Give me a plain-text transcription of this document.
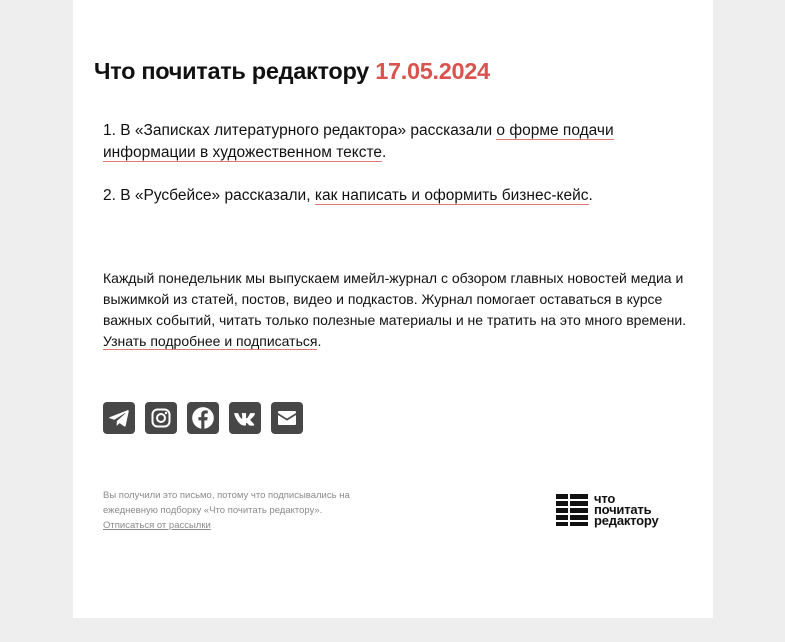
Что почитать редактору 17.05.2024

1. В «Записках литературного редактора» рассказали о форме подачи информации в художественном тексте.

2. В «Русбейсе» рассказали, как написать и оформить бизнес-кейс.

Каждый понедельник мы выпускаем имейл-журнал с обзором главных новостей медиа и выжимкой из статей, постов, видео и подкастов. Журнал помогает оставаться в курсе важных событий, читать только полезные материалы и не тратить на это много времени. Узнать подробнее и подписаться.

Вы получили это письмо, потому что подписывались на ежедневную подборку «Что почитать редактору».
Отписаться от рассылки

что
почитать
редактору
